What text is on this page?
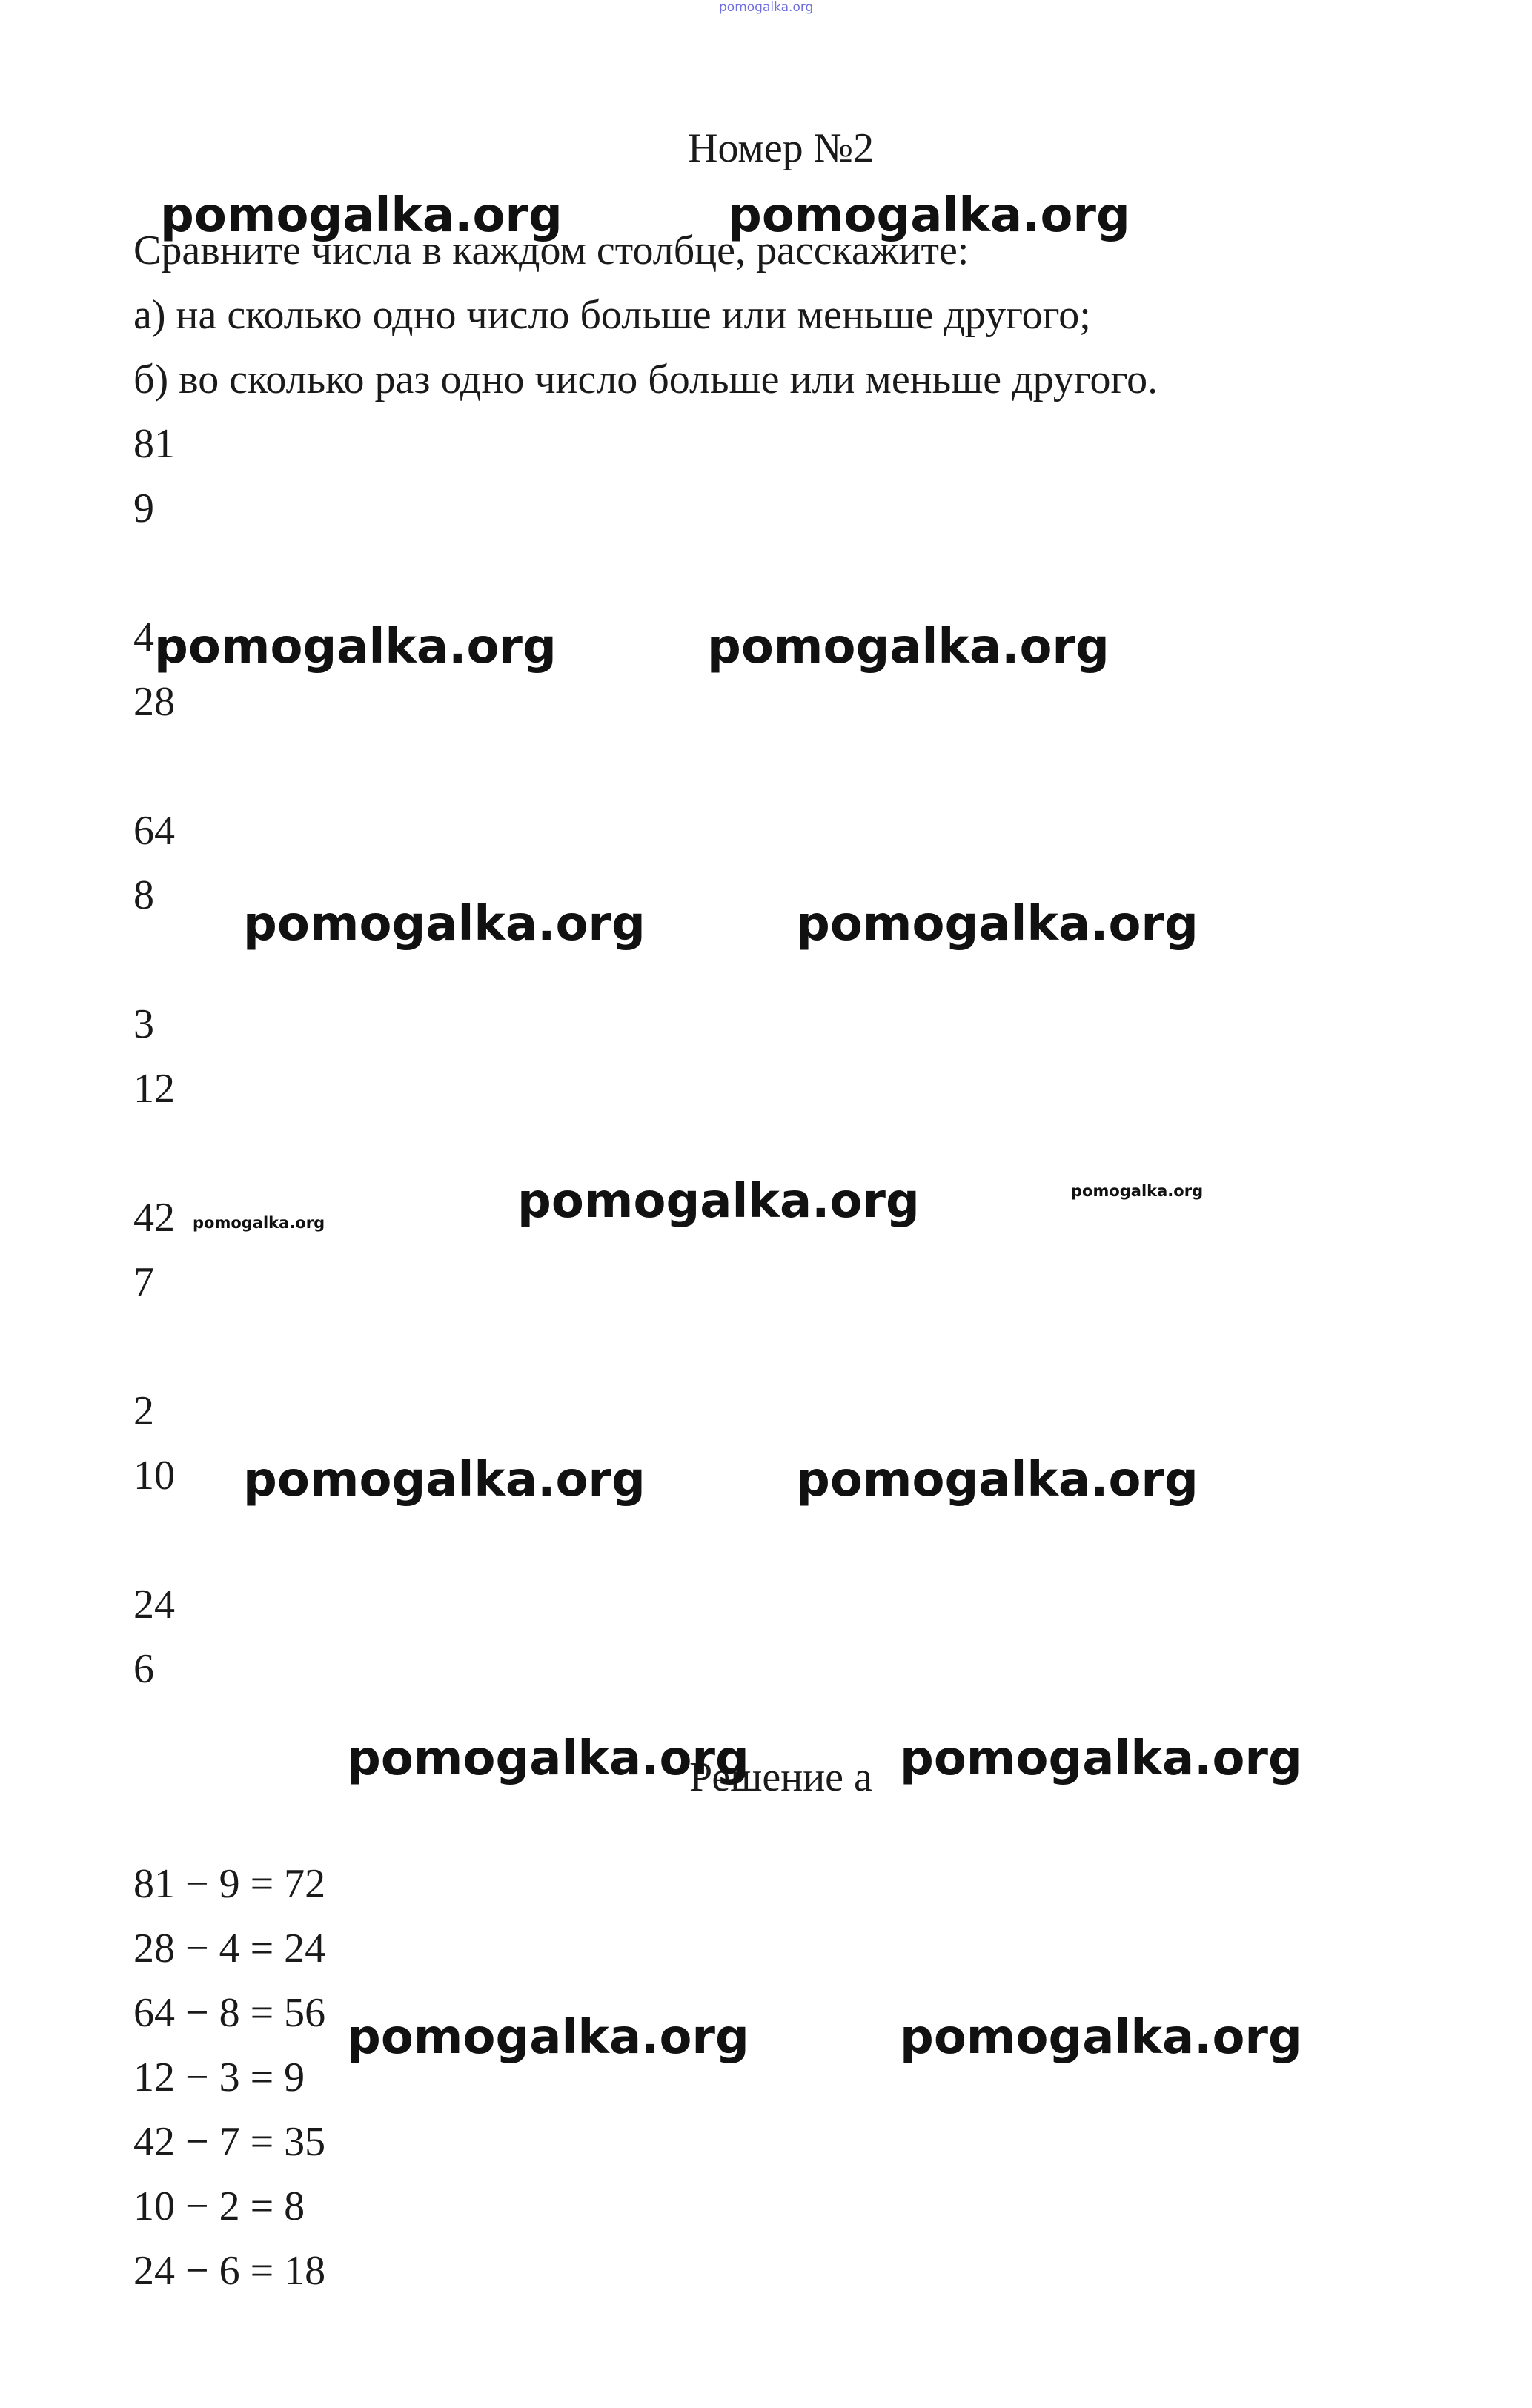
pomogalka.org
Номер №2

Сравните числа в каждом столбце, расскажите:

а) на сколько одно число больше или меньше другого;

б) во сколько раз одно число больше или меньше другого.

81

9

4

28

64

8

3

12

42

7

2

10

24

6

Решение а

81 − 9 = 72

28 − 4 = 24

64 − 8 = 56

12 − 3 = 9

42 − 7 = 35

10 − 2 = 8

24 − 6 = 18

pomogalka.org	pomogalka.org
pomogalka.org	pomogalka.org
pomogalka.org	pomogalka.org
pomogalka.org	pomogalka.org	pomogalka.org
pomogalka.org	pomogalka.org
pomogalka.org	pomogalka.org
pomogalka.org	pomogalka.org
